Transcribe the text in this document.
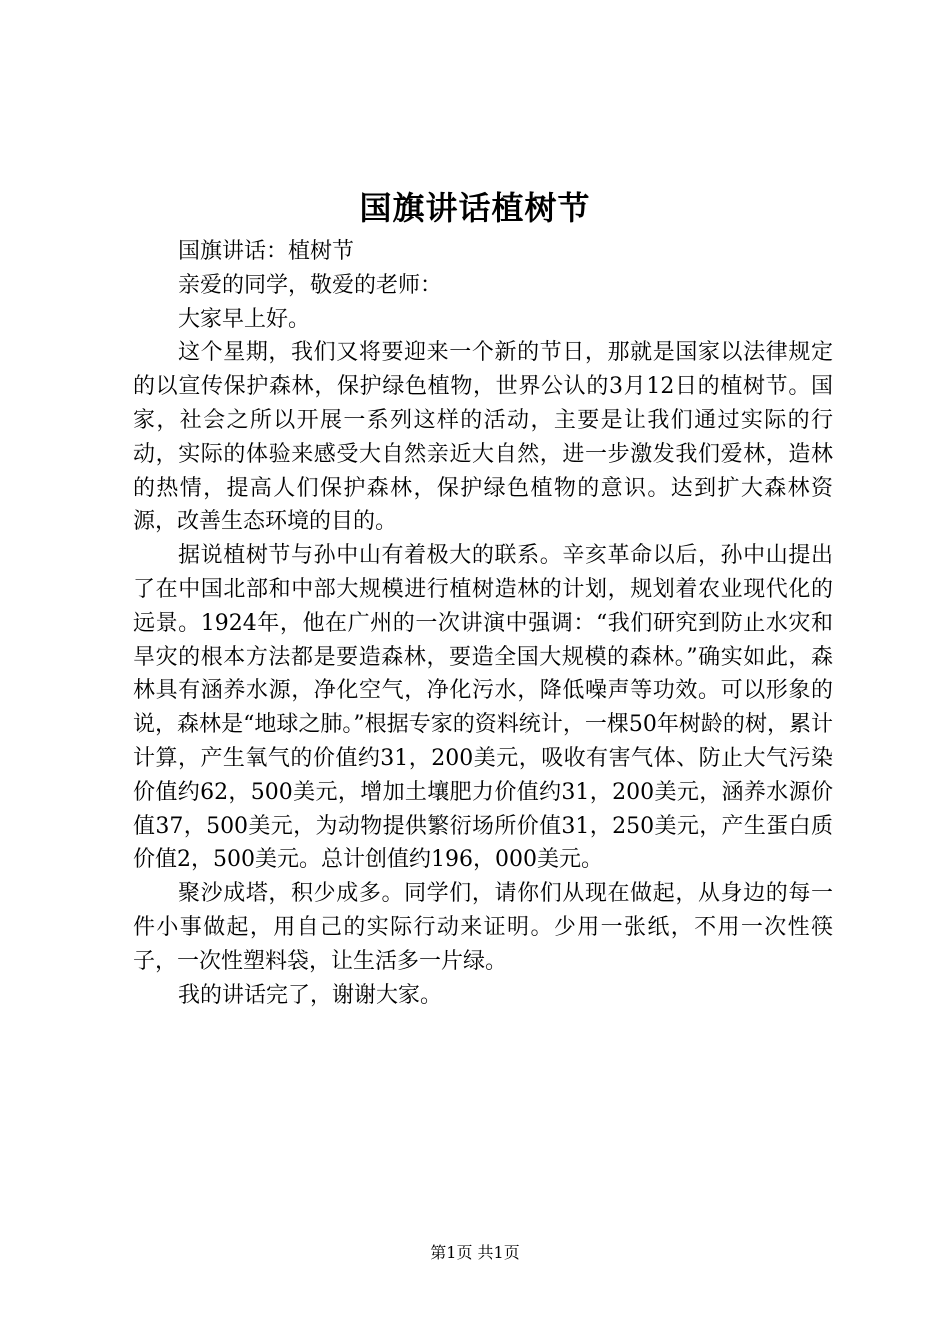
国旗讲话植树节

国旗讲话：植树节

亲爱的同学，敬爱的老师：

大家早上好。

这个星期，我们又将要迎来一个新的节日，那就是国家以法律规定的以宣传保护森林，保护绿色植物，世界公认的3月12日的植树节。国家，社会之所以开展一系列这样的活动，主要是让我们通过实际的行动，实际的体验来感受大自然亲近大自然，进一步激发我们爱林，造林的热情，提高人们保护森林，保护绿色植物的意识。达到扩大森林资源，改善生态环境的目的。

据说植树节与孙中山有着极大的联系。辛亥革命以后，孙中山提出了在中国北部和中部大规模进行植树造林的计划，规划着农业现代化的远景。1924年，他在广州的一次讲演中强调：“我们研究到防止水灾和旱灾的根本方法都是要造森林，要造全国大规模的森林。”确实如此，森林具有涵养水源，净化空气，净化污水，降低噪声等功效。可以形象的说，森林是“地球之肺。”根据专家的资料统计，一棵50年树龄的树，累计计算，产生氧气的价值约31，200美元，吸收有害气体、防止大气污染价值约62，500美元，增加土壤肥力价值约31，200美元，涵养水源价值37，500美元，为动物提供繁衍场所价值31，250美元，产生蛋白质价值2，500美元。总计创值约196，000美元。

聚沙成塔，积少成多。同学们，请你们从现在做起，从身边的每一件小事做起，用自己的实际行动来证明。少用一张纸，不用一次性筷子，一次性塑料袋，让生活多一片绿。

我的讲话完了，谢谢大家。

第1页 共1页
